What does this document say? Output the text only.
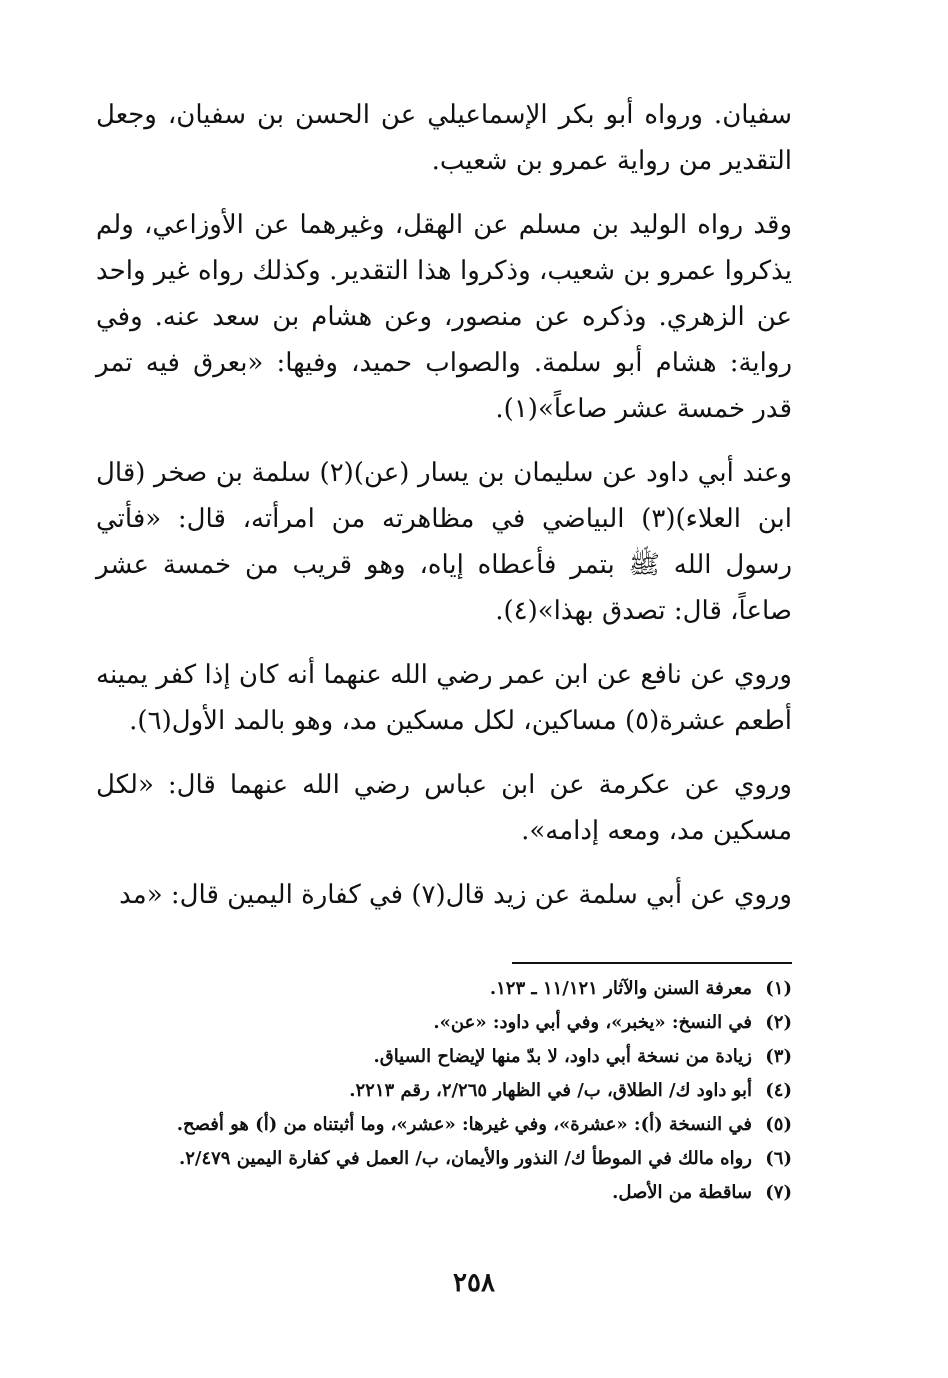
سفيان. ورواه أبو بكر الإسماعيلي عن الحسن بن سفيان، وجعل التقدير من رواية عمرو بن شعيب.

وقد رواه الوليد بن مسلم عن الهقل، وغيرهما عن الأوزاعي، ولم يذكروا عمرو بن شعيب، وذكروا هذا التقدير. وكذلك رواه غير واحد عن الزهري. وذكره عن منصور، وعن هشام بن سعد عنه. وفي رواية: هشام أبو سلمة. والصواب حميد، وفيها: «بعرق فيه تمر قدر خمسة عشر صاعاً»(١).

وعند أبي داود عن سليمان بن يسار (عن)(٢) سلمة بن صخر (قال ابن العلاء)(٣) البياضي في مظاهرته من امرأته، قال: «فأتي رسول الله ﷺ بتمر فأعطاه إياه، وهو قريب من خمسة عشر صاعاً، قال: تصدق بهذا»(٤).

وروي عن نافع عن ابن عمر رضي الله عنهما أنه كان إذا كفر يمينه أطعم عشرة(٥) مساكين، لكل مسكين مد، وهو بالمد الأول(٦).

وروي عن عكرمة عن ابن عباس رضي الله عنهما قال: «لكل مسكين مد، ومعه إدامه».

وروي عن أبي سلمة عن زيد قال(٧) في كفارة اليمين قال: «مد

(١)
معرفة السنن والآثار ١١/١٢١ ـ ١٢٣.
(٢)
في النسخ: «يخبر»، وفي أبي داود: «عن».
(٣)
زيادة من نسخة أبي داود، لا بدّ منها لإيضاح السياق.
(٤)
أبو داود ك/ الطلاق، ب/ في الظهار ٢/٢٦٥، رقم ٢٢١٣.
(٥)
في النسخة (أ): «عشرة»، وفي غيرها: «عشر»، وما أثبتناه من (أ) هو أفصح.
(٦)
رواه مالك في الموطأ ك/ النذور والأيمان، ب/ العمل في كفارة اليمين ٢/٤٧٩.
(٧)
ساقطة من الأصل.
٢٥٨
